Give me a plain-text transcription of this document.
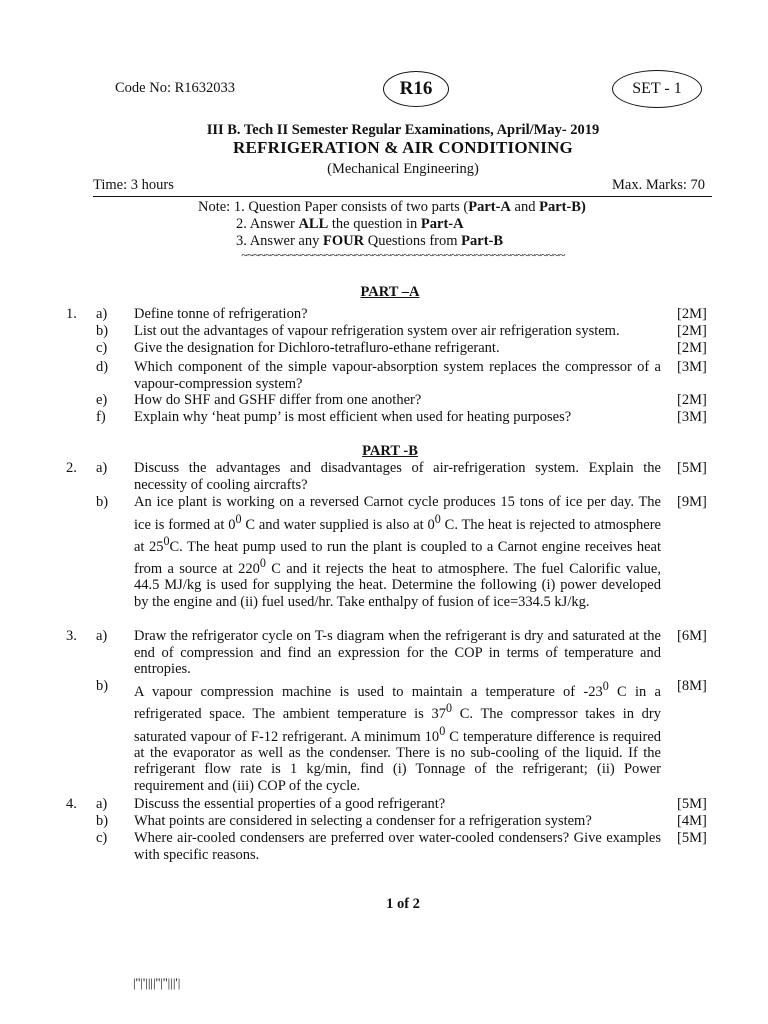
Code No: R1632033	R16	SET - 1
III B. Tech II Semester Regular Examinations, April/May- 2019
REFRIGERATION & AIR CONDITIONING
(Mechanical Engineering)
Time: 3 hours	Max. Marks: 70
Note: 1. Question Paper consists of two parts (Part-A and Part-B)
2. Answer ALL the question in Part-A
3. Answer any FOUR Questions from Part-B
~~~~~~~~~~~~~~~~~~~~~~~~~~~~~~~~~~~~~~~~~~~~~~~~~~~~~~
PART –A
1. a) Define tonne of refrigeration?	[2M]
b) List out the advantages of vapour refrigeration system over air refrigeration system.	[2M]
c) Give the designation for Dichloro-tetrafluro-ethane refrigerant.	[2M]
d) Which component of the simple vapour-absorption system replaces the compressor of a vapour-compression system?
[3M]
e) How do SHF and GSHF differ from one another?	[2M]
f) Explain why ‘heat pump’ is most efficient when used for heating purposes?	[3M]
PART -B
2. a) Discuss the advantages and disadvantages of air-refrigeration system. Explain the necessity of cooling aircrafts?
[5M]
b) An ice plant is working on a reversed Carnot cycle produces 15 tons of ice per day. The ice is formed at $0^0$ C and water supplied is also at $0^0$ C. The heat is rejected to atmosphere at $25^0C$. The heat pump used to run the plant is coupled to a Carnot engine receives heat from a source at $220^0$ C and it rejects the heat to atmosphere. The fuel Calorific value, 44.5 MJ/kg is used for supplying the heat. Determine the following (i) power developed by the engine and (ii) fuel used/hr. Take enthalpy of fusion of ice=334.5 kJ/kg.
[9M]
3. a) Draw the refrigerator cycle on T-s diagram when the refrigerant is dry and saturated at the end of compression and find an expression for the COP in terms of temperature and entropies.
[6M]
b) A vapour compression machine is used to maintain a temperature of $-23^0$ C in a refrigerated space. The ambient temperature is $37^0$ C. The compressor takes in dry saturated vapour of F-12 refrigerant. A minimum $10^0$ C temperature difference is required at the evaporator as well as the condenser. There is no sub-cooling of the liquid. If the refrigerant flow rate is 1 kg/min, find (i) Tonnage of the refrigerant; (ii) Power requirement and (iii) COP of the cycle.
[8M]
4. a) Discuss the essential properties of a good refrigerant?	[5M]
b) What points are considered in selecting a condenser for a refrigeration system?	[4M]
c) Where air-cooled condensers are preferred over water-cooled condensers? Give examples with specific reasons.
[5M]
1 of 2
|''|'||||''|''|||'|
